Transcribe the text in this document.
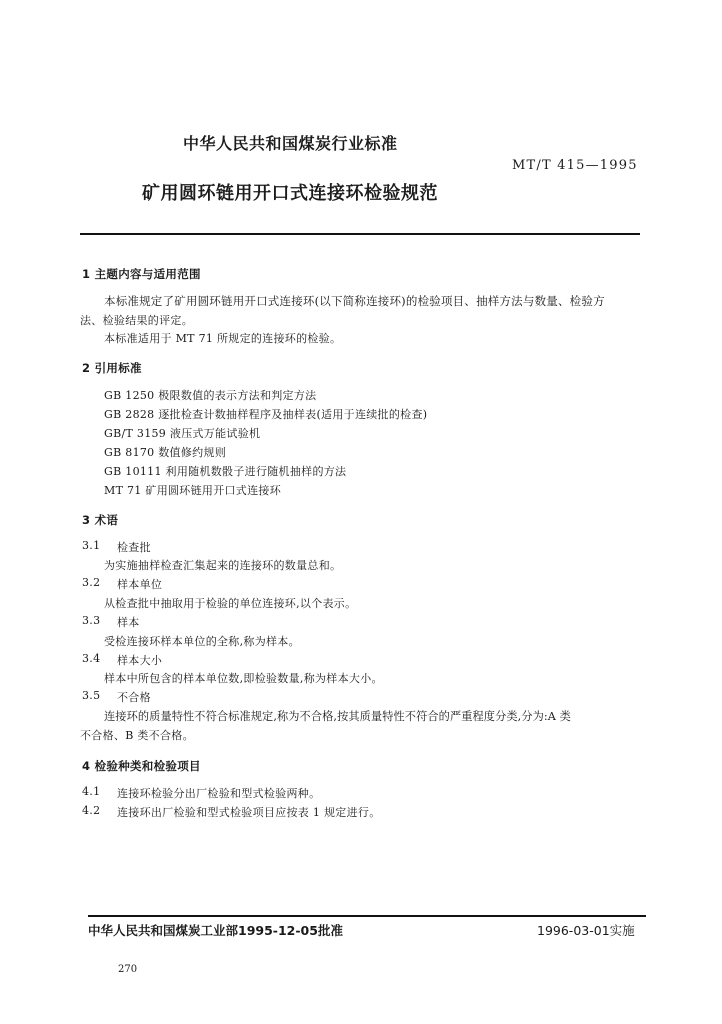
中华人民共和国煤炭行业标准
MT/T 415—1995
矿用圆环链用开口式连接环检验规范
1 主题内容与适用范围
本标准规定了矿用圆环链用开口式连接环(以下简称连接环)的检验项目、抽样方法与数量、检验方
法、检验结果的评定。
本标准适用于 MT 71 所规定的连接环的检验。
2 引用标准
GB 1250 极限数值的表示方法和判定方法
GB 2828 逐批检查计数抽样程序及抽样表(适用于连续批的检查)
GB/T 3159 液压式万能试验机
GB 8170 数值修约规则
GB 10111 利用随机数骰子进行随机抽样的方法
MT 71 矿用圆环链用开口式连接环
3 术语
3.1 检查批
为实施抽样检查汇集起来的连接环的数量总和。
3.2 样本单位
从检查批中抽取用于检验的单位连接环,以个表示。
3.3 样本
受检连接环样本单位的全称,称为样本。
3.4 样本大小
样本中所包含的样本单位数,即检验数量,称为样本大小。
3.5 不合格
连接环的质量特性不符合标准规定,称为不合格,按其质量特性不符合的严重程度分类,分为:A 类
不合格、B 类不合格。
4 检验种类和检验项目
4.1 连接环检验分出厂检验和型式检验两种。
4.2 连接环出厂检验和型式检验项目应按表 1 规定进行。
中华人民共和国煤炭工业部1995-12-05批准	1996-03-01实施
270
